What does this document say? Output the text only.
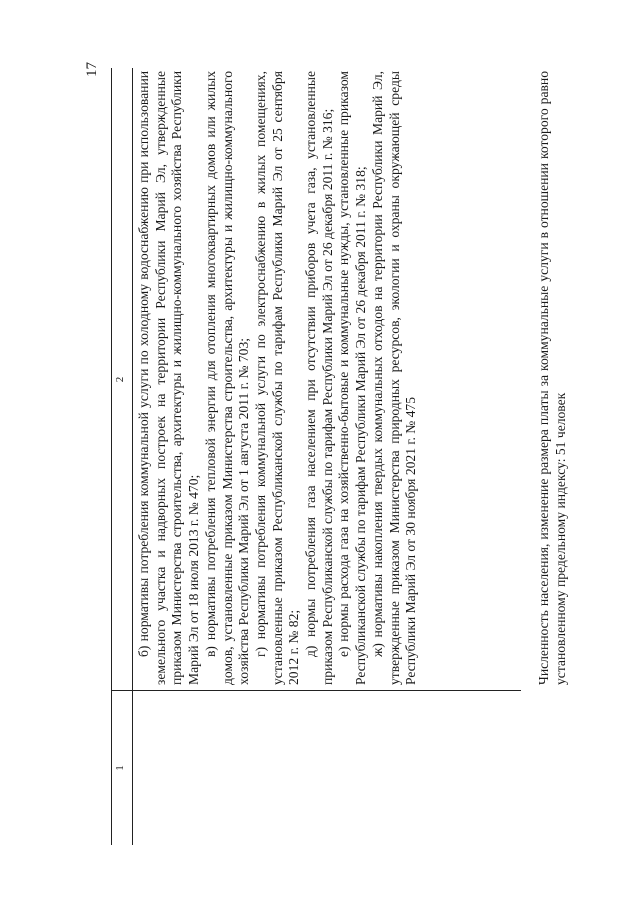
17
1
2 б) нормативы потребления коммунальной услуги по холодному водоснабжению при использовании земельного участка и надворных построек на территории Республики Марий Эл, утвержденные приказом Министерства строительства, архитектуры и жилищно-коммунального хозяйства Республики Марий Эл от 18 июля 2013 г. № 470; в) нормативы потребления тепловой энергии для отопления многоквартирных домов или жилых домов, установленные приказом Министерства строительства, архитектуры и жилищно-коммунального хозяйства Республики Марий Эл от 1 августа 2011 г. № 703; г) нормативы потребления коммунальной услуги по электроснабжению в жилых помещениях, установленные приказом Республиканской службы по тарифам Республики Марий Эл от 25 сентября 2012 г. № 82; д) нормы потребления газа населением при отсутствии приборов учета газа, установленные приказом Республиканской службы по тарифам Республики Марий Эл от 26 декабря 2011 г. № 316; е) нормы расхода газа на хозяйственно-бытовые и коммунальные нужды, установленные приказом Республиканской службы по тарифам Республики Марий Эл от 26 декабря 2011 г. № 318; ж) нормативы накопления твердых коммунальных отходов на территории Республики Марий Эл, утвержденные приказом Министерства природных ресурсов, экологии и охраны окружающей среды Республики Марий Эл от 30 ноября 2021 г. № 475	Численность населения, изменение размера платы за коммунальные услуги в отношении которого равно установленному предельному индексу: 51 человек
